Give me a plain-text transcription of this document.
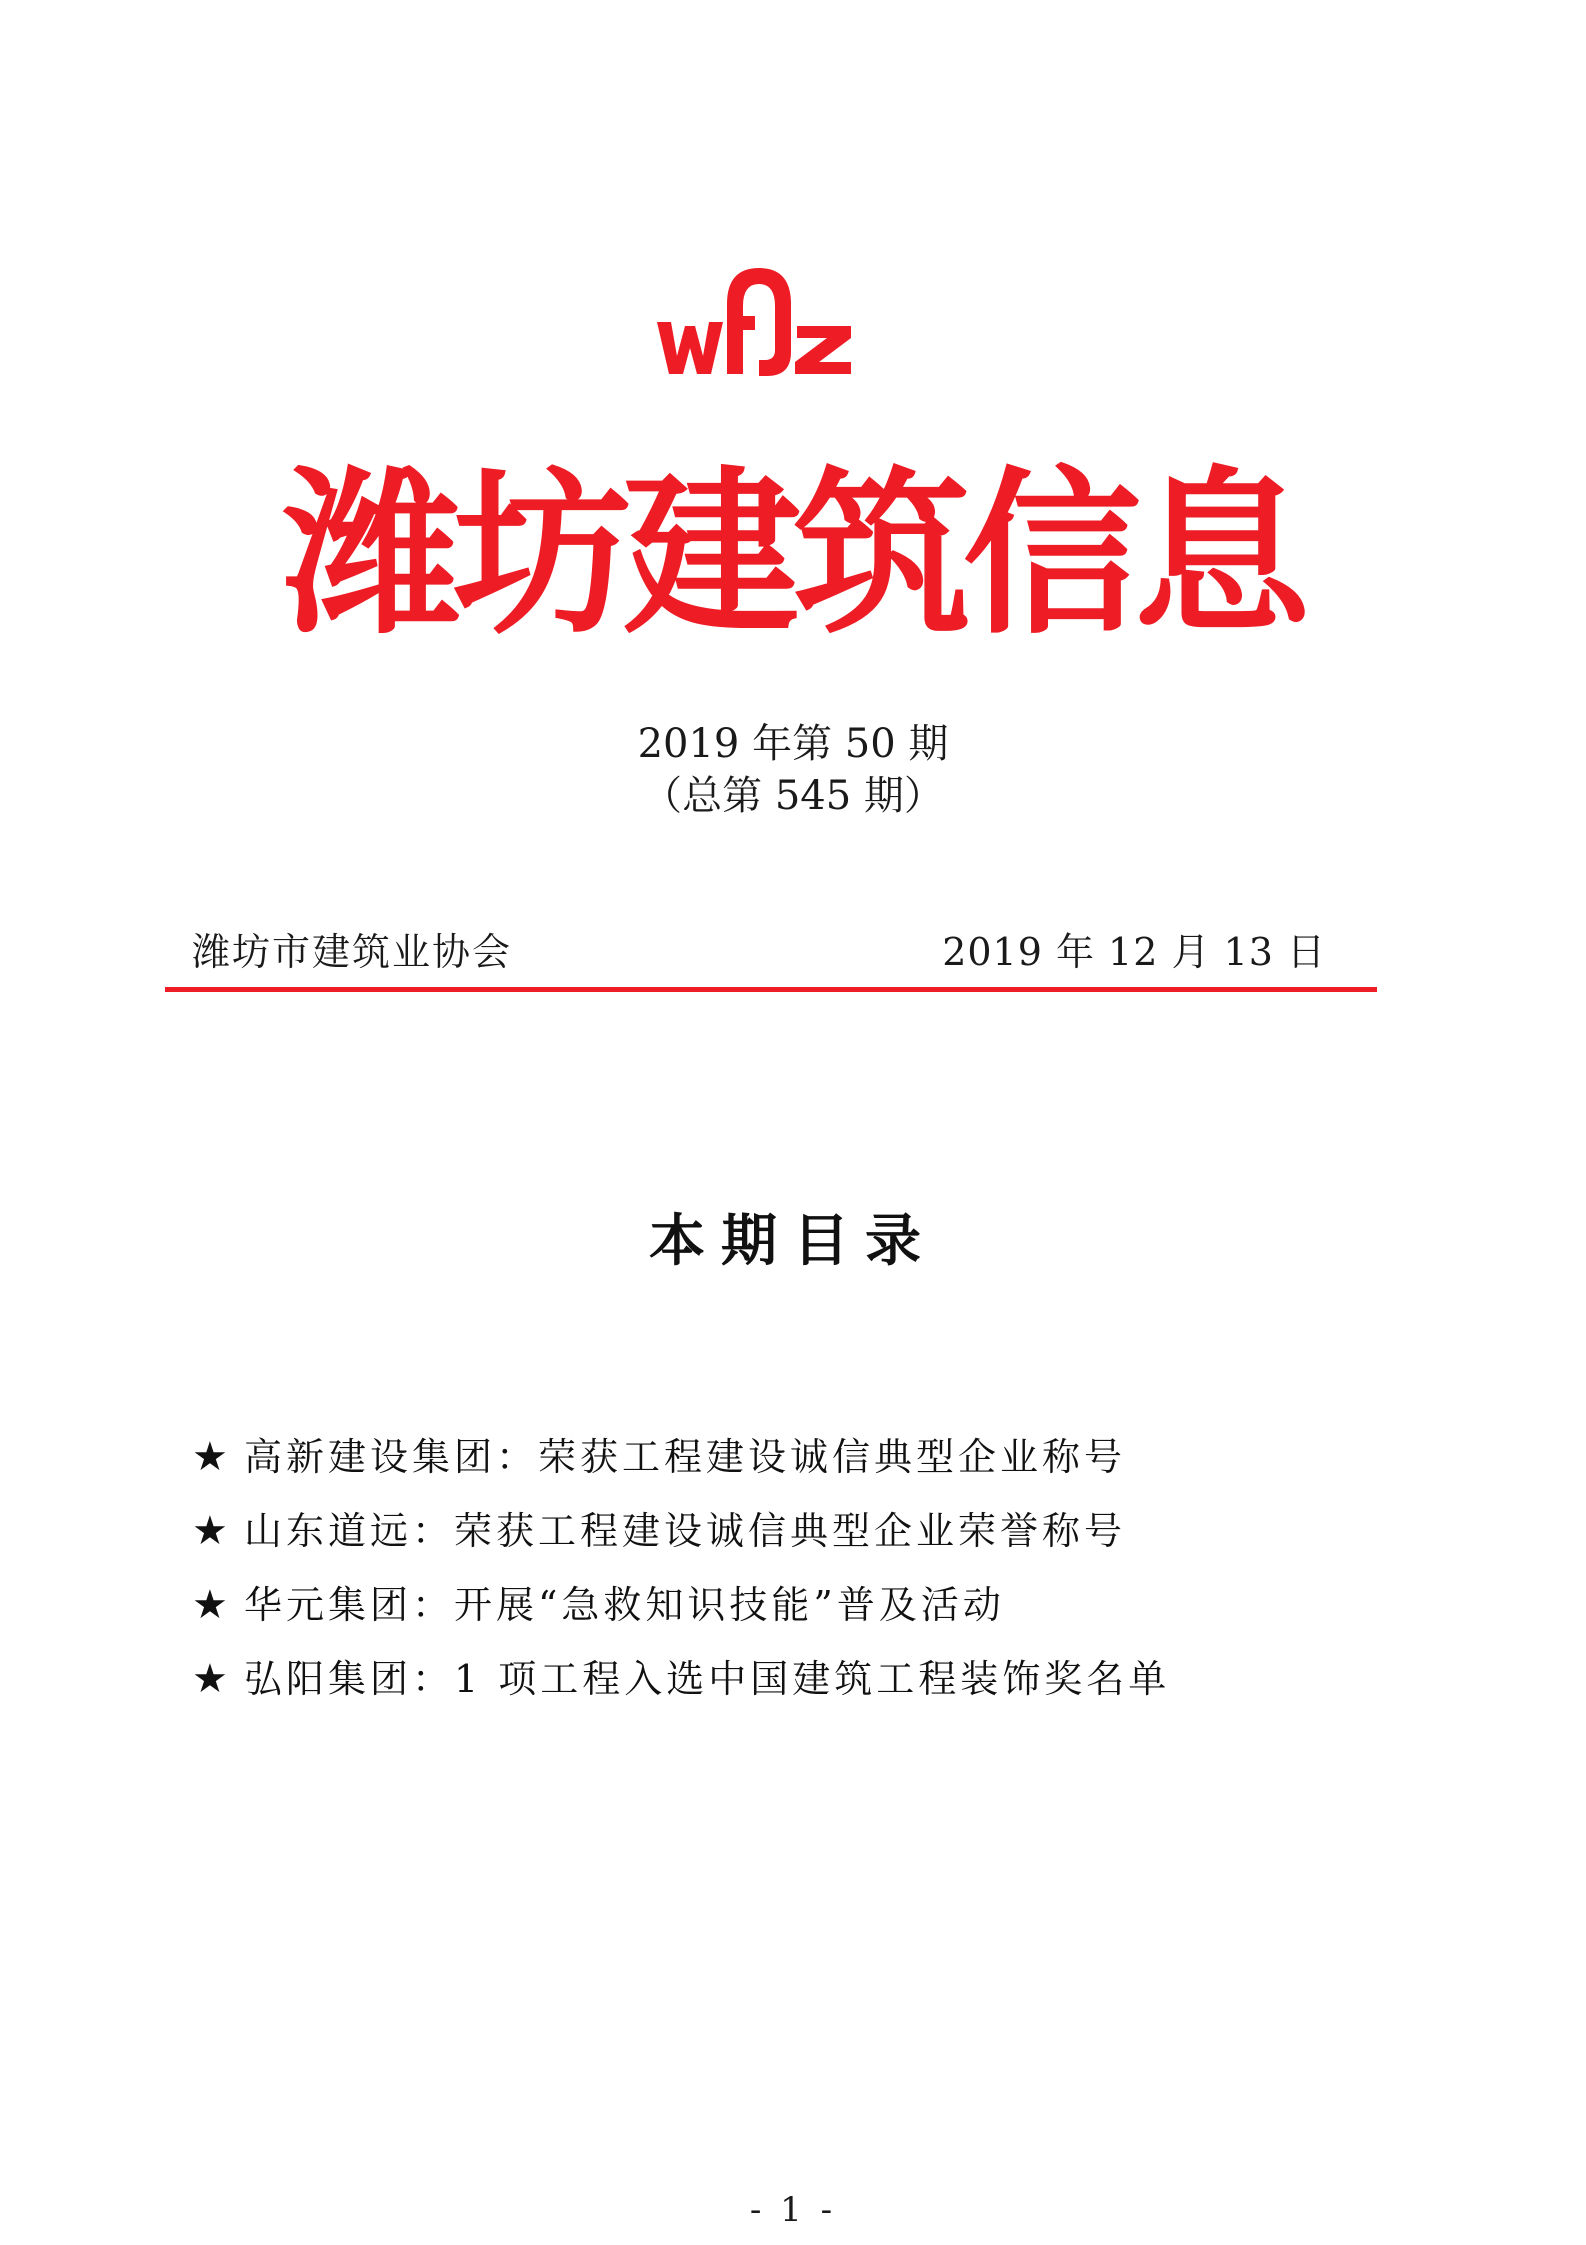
潍坊建筑信息
2019 年第 50 期
（总第 545 期）
潍坊市建筑业协会	2019 年 12 月 13 日
本期目录
★ 高新建设集团：荣获工程建设诚信典型企业称号
★ 山东道远：荣获工程建设诚信典型企业荣誉称号
★ 华元集团：开展“急救知识技能”普及活动
★ 弘阳集团：1 项工程入选中国建筑工程装饰奖名单
- 1 -
